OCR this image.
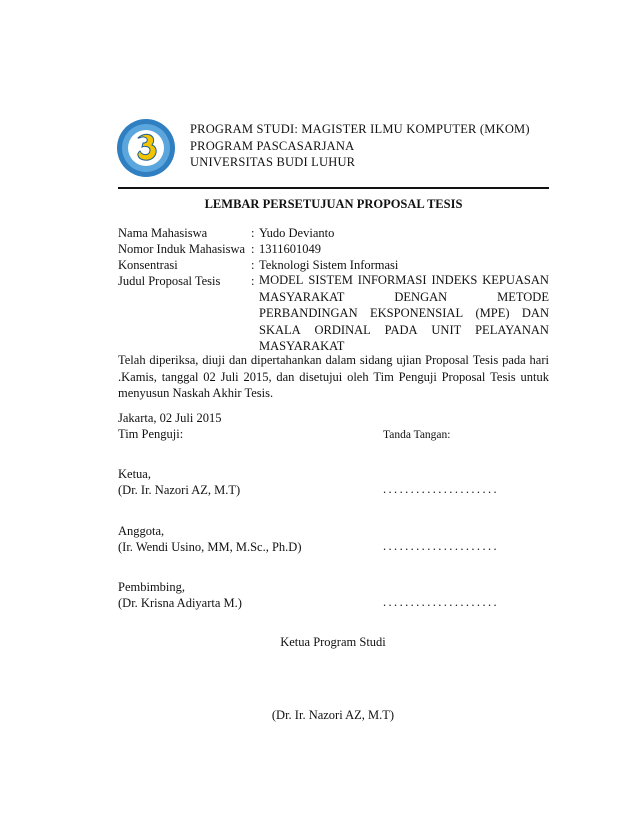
PROGRAM STUDI: MAGISTER ILMU KOMPUTER (MKOM)
PROGRAM PASCASARJANA
UNIVERSITAS BUDI LUHUR
LEMBAR PERSETUJUAN PROPOSAL TESIS
Nama Mahasiswa	: Yudo Devianto
Nomor Induk Mahasiswa : 1311601049
Konsentrasi	: Teknologi Sistem Informasi
Judul Proposal Tesis : MODEL SISTEM INFORMASI INDEKS KEPUASAN
MASYARAKAT	DENGAN	METODE
PERBANDINGAN EKSPONENSIAL (MPE) DAN
SKALA ORDINAL PADA UNIT PELAYANAN
MASYARAKAT
Telah diperiksa, diuji dan dipertahankan dalam sidang ujian Proposal Tesis pada hari
.Kamis, tanggal 02 Juli 2015, dan disetujui oleh Tim Penguji Proposal Tesis untuk
menyusun Naskah Akhir Tesis.
Jakarta, 02 Juli 2015
Tim Penguji:	Tanda Tangan:
Ketua,
(Dr. Ir. Nazori AZ, M.T)	.....................
Anggota,
(Ir. Wendi Usino, MM, M.Sc., Ph.D)	.....................
Pembimbing,
(Dr. Krisna Adiyarta M.)	.....................
Ketua Program Studi
(Dr. Ir. Nazori AZ, M.T)
